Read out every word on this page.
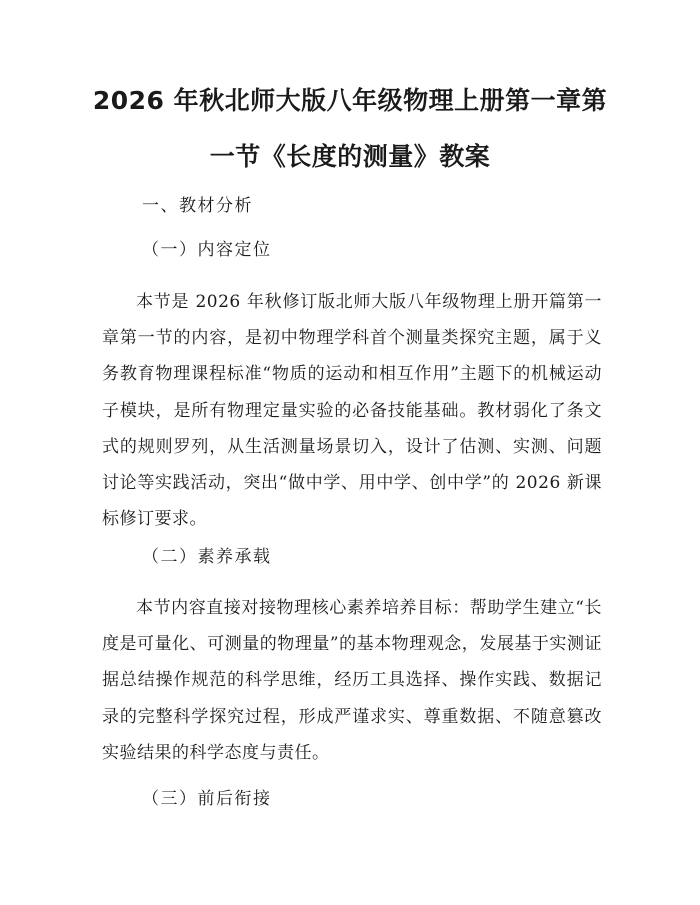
2026 年秋北师大版八年级物理上册第一章第
一节《长度的测量》教案
一、教材分析
（一）内容定位

本节是 2026 年秋修订版北师大版八年级物理上册开篇第一章第一节的内容，是初中物理学科首个测量类探究主题，属于义务教育物理课程标准“物质的运动和相互作用”主题下的机械运动子模块，是所有物理定量实验的必备技能基础。教材弱化了条文式的规则罗列，从生活测量场景切入，设计了估测、实测、问题讨论等实践活动，突出“做中学、用中学、创中学”的 2026 新课标修订要求。

（二）素养承载

本节内容直接对接物理核心素养培养目标：帮助学生建立“长度是可量化、可测量的物理量”的基本物理观念，发展基于实测证据总结操作规范的科学思维，经历工具选择、操作实践、数据记录的完整科学探究过程，形成严谨求实、尊重数据、不随意篡改实验结果的科学态度与责任。

（三）前后衔接
